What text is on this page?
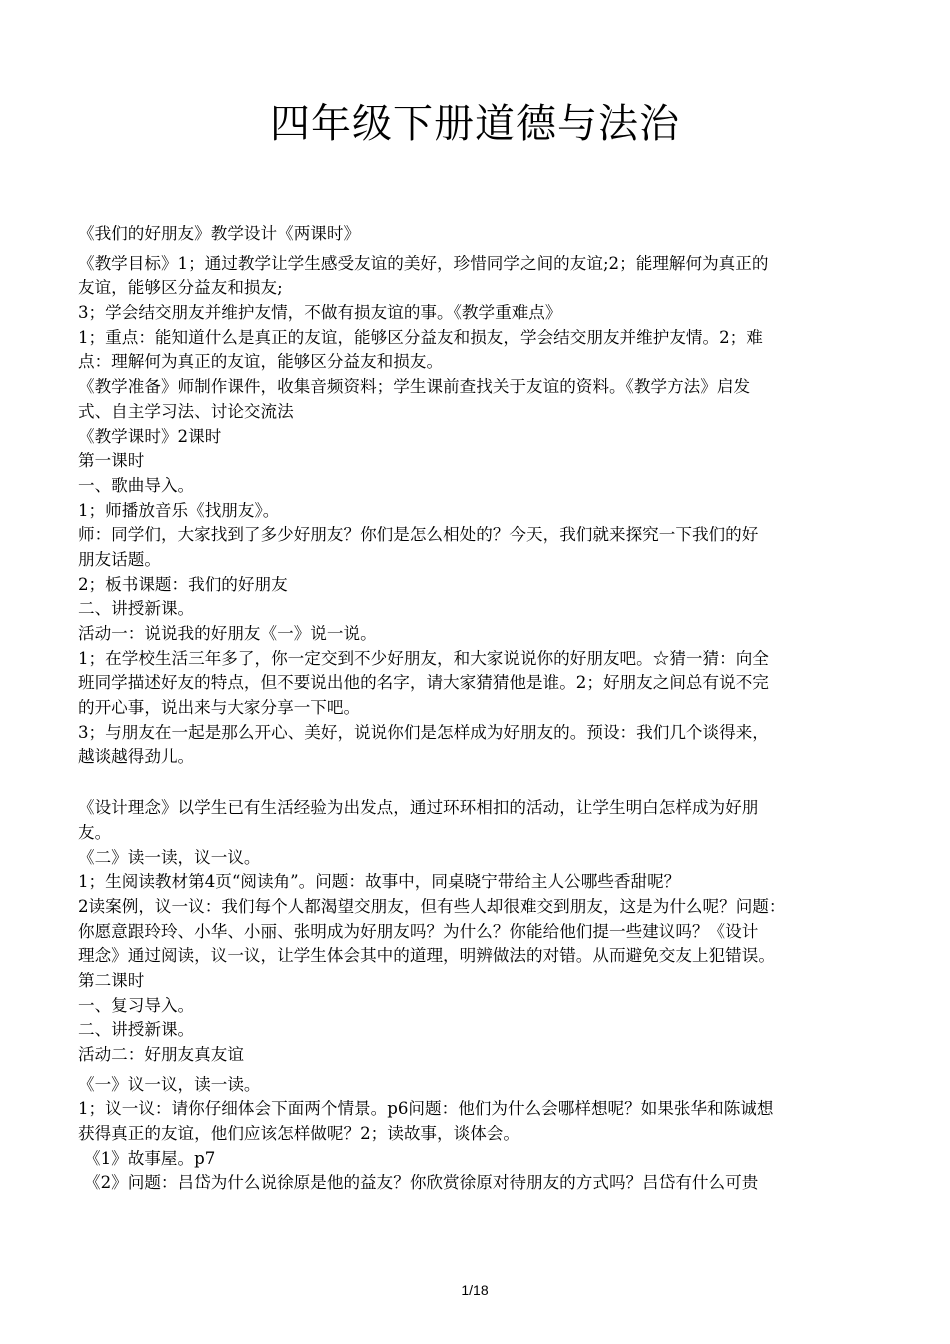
四年级下册道德与法治
《我们的好朋友》教学设计《两课时》
《教学目标》1；通过教学让学生感受友谊的美好，珍惜同学之间的友谊;2；能理解何为真正的
友谊，能够区分益友和损友;
3；学会结交朋友并维护友情，不做有损友谊的事。《教学重难点》
1；重点：能知道什么是真正的友谊，能够区分益友和损友，学会结交朋友并维护友情。2；难
点：理解何为真正的友谊，能够区分益友和损友。
《教学准备》师制作课件，收集音频资料；学生课前查找关于友谊的资料。《教学方法》启发
式、自主学习法、讨论交流法
《教学课时》2课时
第一课时
一、歌曲导入。
1；师播放音乐《找朋友》。
师：同学们，大家找到了多少好朋友？你们是怎么相处的？今天，我们就来探究一下我们的好
朋友话题。
2；板书课题：我们的好朋友
二、讲授新课。
活动一：说说我的好朋友《一》说一说。
1；在学校生活三年多了，你一定交到不少好朋友，和大家说说你的好朋友吧。☆猜一猜：向全
班同学描述好友的特点，但不要说出他的名字，请大家猜猜他是谁。2；好朋友之间总有说不完
的开心事，说出来与大家分享一下吧。
3；与朋友在一起是那么开心、美好，说说你们是怎样成为好朋友的。预设：我们几个谈得来，
越谈越得劲儿。
《设计理念》以学生已有生活经验为出发点，通过环环相扣的活动，让学生明白怎样成为好朋
友。
《二》读一读，议一议。
1；生阅读教材第4页“阅读角”。问题：故事中，同桌晓宁带给主人公哪些香甜呢？
2读案例，议一议：我们每个人都渴望交朋友，但有些人却很难交到朋友，这是为什么呢？问题：
你愿意跟玲玲、小华、小丽、张明成为好朋友吗？为什么？你能给他们提一些建议吗？《设计
理念》通过阅读，议一议，让学生体会其中的道理，明辨做法的对错。从而避免交友上犯错误。
第二课时
一、复习导入。
二、讲授新课。
活动二：好朋友真友谊
《一》议一议，读一读。
1；议一议：请你仔细体会下面两个情景。p6问题：他们为什么会哪样想呢？如果张华和陈诚想
获得真正的友谊，他们应该怎样做呢？2；读故事，谈体会。
《1》故事屋。p7
《2》问题：吕岱为什么说徐原是他的益友？你欣赏徐原对待朋友的方式吗？吕岱有什么可贵
1/18
